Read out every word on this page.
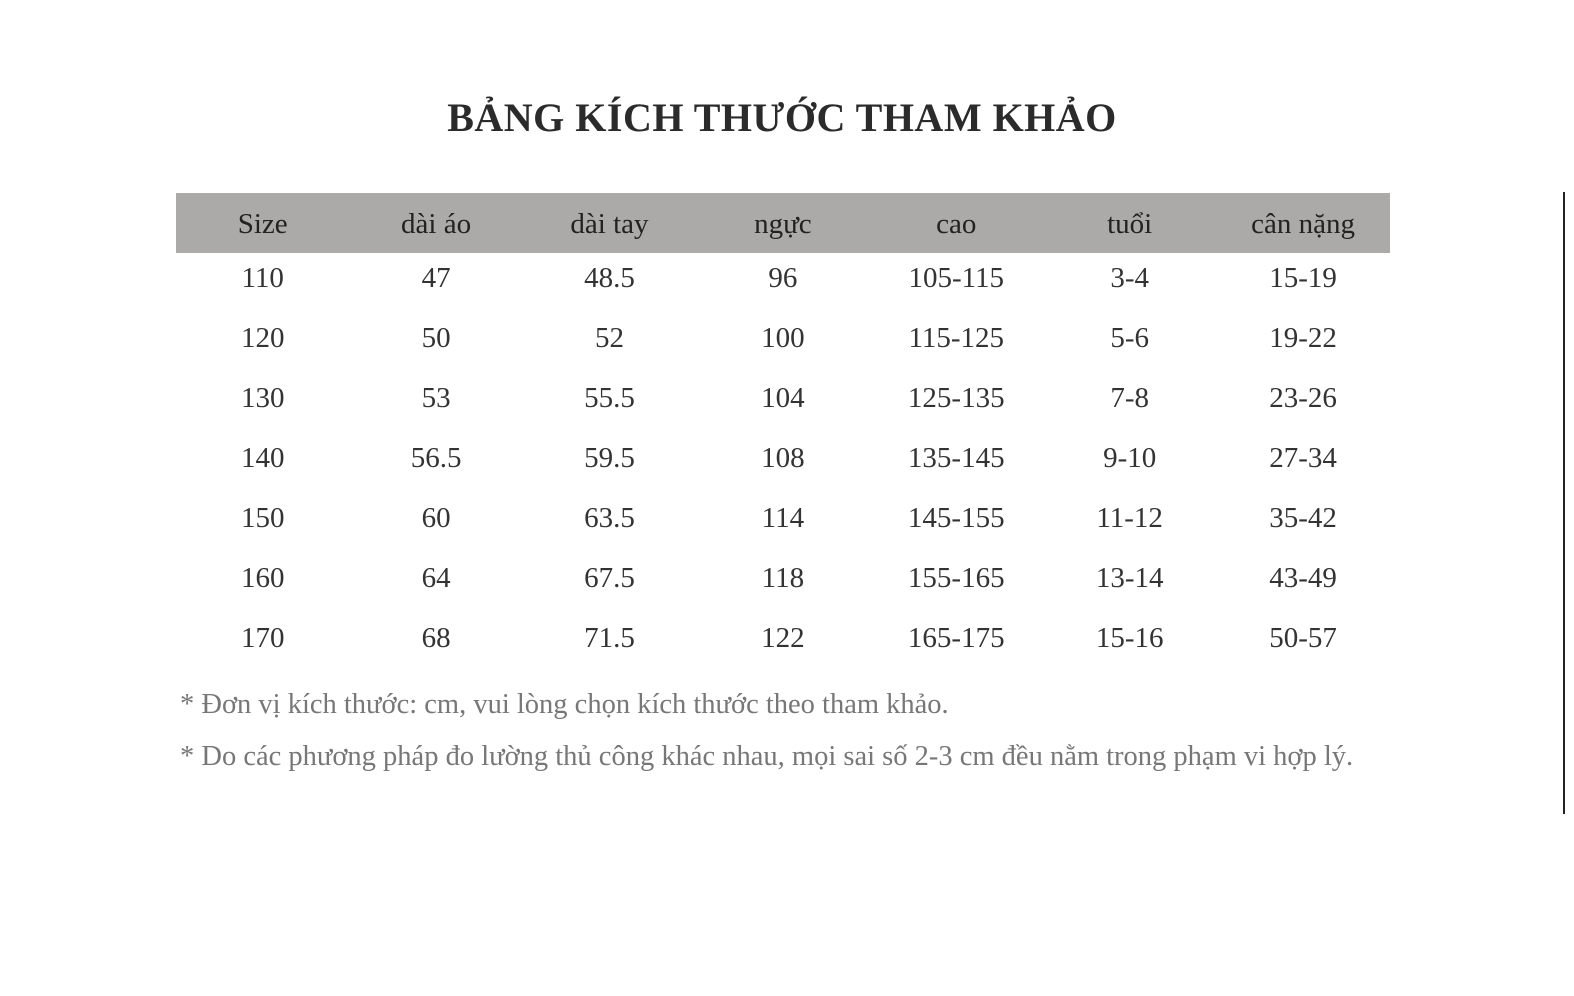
BẢNG KÍCH THƯỚC THAM KHẢO
Size	dài áo	dài tay	ngực	cao	tuổi	cân nặng
110	47	48.5	96	105-115	3-4	15-19
120	50	52	100	115-125	5-6	19-22
130	53	55.5	104	125-135	7-8	23-26
140	56.5	59.5	108	135-145	9-10	27-34
150	60	63.5	114	145-155	11-12	35-42
160	64	67.5	118	155-165	13-14	43-49
170	68	71.5	122	165-175	15-16	50-57

* Đơn vị kích thước: cm, vui lòng chọn kích thước theo tham khảo.

* Do các phương pháp đo lường thủ công khác nhau, mọi sai số 2-3 cm đều nằm trong phạm vi hợp lý.
